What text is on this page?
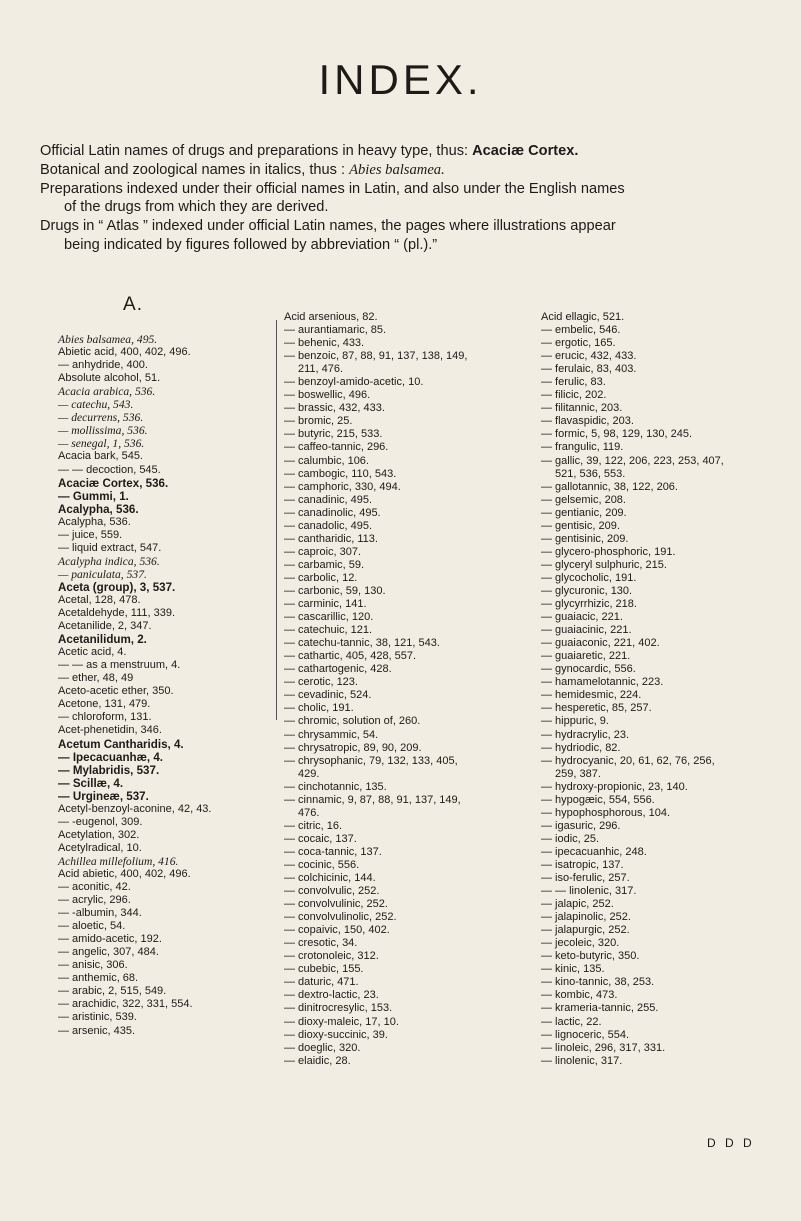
INDEX.

Official Latin names of drugs and preparations in heavy type, thus: Acaciæ Cortex.

Botanical and zoological names in italics, thus : Abies balsamea.

Preparations indexed under their official names in Latin, and also under the English names

of the drugs from which they are derived.

Drugs in “ Atlas ” indexed under official Latin names, the pages where illustrations appear

being indicated by figures followed by abbreviation “ (pl.).”

A.
Abies balsamea, 495.
Abietic acid, 400, 402, 496.
— anhydride, 400.
Absolute alcohol, 51.
Acacia arabica, 536.
— catechu, 543.
— decurrens, 536.
— mollissima, 536.
— senegal, 1, 536.
Acacia bark, 545.
— — decoction, 545.
Acaciæ Cortex, 536.
— Gummi, 1.
Acalypha, 536.
Acalypha, 536.
— juice, 559.
— liquid extract, 547.
Acalypha indica, 536.
— paniculata, 537.
Aceta (group), 3, 537.
Acetal, 128, 478.
Acetaldehyde, 111, 339.
Acetanilide, 2, 347.
Acetanilidum, 2.
Acetic acid, 4.
— — as a menstruum, 4.
— ether, 48, 49
Aceto-acetic ether, 350.
Acetone, 131, 479.
— chloroform, 131.
Acet-phenetidin, 346.
Acetum Cantharidis, 4.
— Ipecacuanhæ, 4.
— Mylabridis, 537.
— Scillæ, 4.
— Urgineæ, 537.
Acetyl-benzoyl-aconine, 42, 43.
— -eugenol, 309.
Acetylation, 302.
Acetylradical, 10.
Achillea millefolium, 416.
Acid abietic, 400, 402, 496.
— aconitic, 42.
— acrylic, 296.
— -albumin, 344.
— aloetic, 54.
— amido-acetic, 192.
— angelic, 307, 484.
— anisic, 306.
— anthemic, 68.
— arabic, 2, 515, 549.
— arachidic, 322, 331, 554.
— aristinic, 539.
— arsenic, 435.
Acid arsenious, 82.
— aurantiamaric, 85.
— behenic, 433.
— benzoic, 87, 88, 91, 137, 138, 149,
211, 476.
— benzoyl-amido-acetic, 10.
— boswellic, 496.
— brassic, 432, 433.
— bromic, 25.
— butyric, 215, 533.
— caffeo-tannic, 296.
— calumbic, 106.
— cambogic, 110, 543.
— camphoric, 330, 494.
— canadinic, 495.
— canadinolic, 495.
— canadolic, 495.
— cantharidic, 113.
— caproic, 307.
— carbamic, 59.
— carbolic, 12.
— carbonic, 59, 130.
— carminic, 141.
— cascarillic, 120.
— catechuic, 121.
— catechu-tannic, 38, 121, 543.
— cathartic, 405, 428, 557.
— cathartogenic, 428.
— cerotic, 123.
— cevadinic, 524.
— cholic, 191.
— chromic, solution of, 260.
— chrysammic, 54.
— chrysatropic, 89, 90, 209.
— chrysophanic, 79, 132, 133, 405,
429.
— cinchotannic, 135.
— cinnamic, 9, 87, 88, 91, 137, 149,
476.
— citric, 16.
— cocaic, 137.
— coca-tannic, 137.
— cocinic, 556.
— colchicinic, 144.
— convolvulic, 252.
— convolvulinic, 252.
— convolvulinolic, 252.
— copaivic, 150, 402.
— cresotic, 34.
— crotonoleic, 312.
— cubebic, 155.
— daturic, 471.
— dextro-lactic, 23.
— dinitrocresylic, 153.
— dioxy-maleic, 17, 10.
— dioxy-succinic, 39.
— doeglic, 320.
— elaidic, 28.
Acid ellagic, 521.
— embelic, 546.
— ergotic, 165.
— erucic, 432, 433.
— ferulaic, 83, 403.
— ferulic, 83.
— filicic, 202.
— filitannic, 203.
— flavaspidic, 203.
— formic, 5, 98, 129, 130, 245.
— frangulic, 119.
— gallic, 39, 122, 206, 223, 253, 407,
521, 536, 553.
— gallotannic, 38, 122, 206.
— gelsemic, 208.
— gentianic, 209.
— gentisic, 209.
— gentisinic, 209.
— glycero-phosphoric, 191.
— glyceryl sulphuric, 215.
— glycocholic, 191.
— glycuronic, 130.
— glycyrrhizic, 218.
— guaiacic, 221.
— guaiacinic, 221.
— guaiaconic, 221, 402.
— guaiaretic, 221.
— gynocardic, 556.
— hamamelotannic, 223.
— hemidesmic, 224.
— hesperetic, 85, 257.
— hippuric, 9.
— hydracrylic, 23.
— hydriodic, 82.
— hydrocyanic, 20, 61, 62, 76, 256,
259, 387.
— hydroxy-propionic, 23, 140.
— hypogæic, 554, 556.
— hypophosphorous, 104.
— igasuric, 296.
— iodic, 25.
— ipecacuanhic, 248.
— isatropic, 137.
— iso-ferulic, 257.
— — linolenic, 317.
— jalapic, 252.
— jalapinolic, 252.
— jalapurgic, 252.
— jecoleic, 320.
— keto-butyric, 350.
— kinic, 135.
— kino-tannic, 38, 253.
— kombic, 473.
— krameria-tannic, 255.
— lactic, 22.
— lignoceric, 554.
— linoleic, 296, 317, 331.
— linolenic, 317.
D D D
